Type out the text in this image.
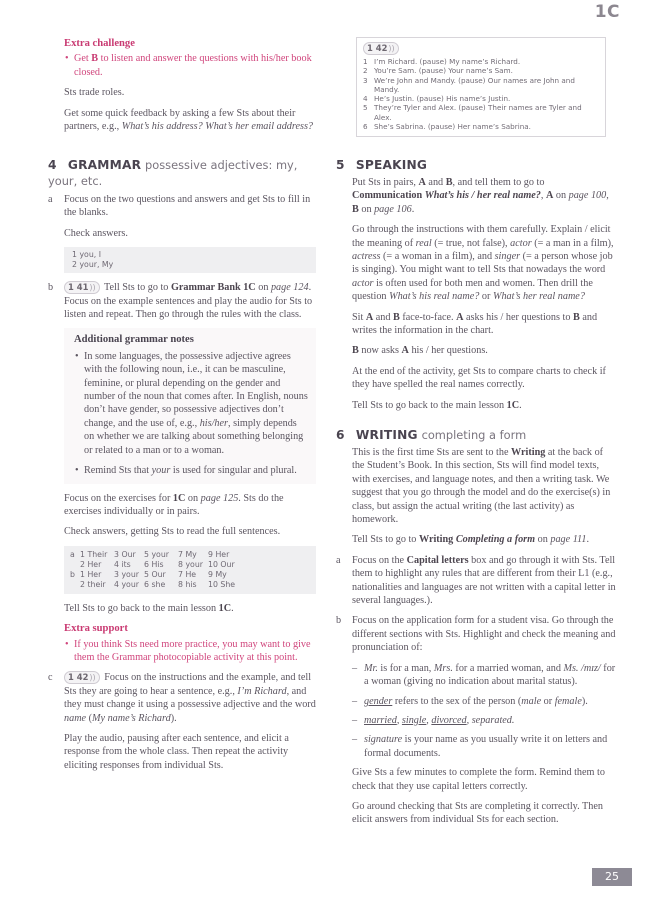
1C
Extra challenge

• Get B to listen and answer the questions with his/her book closed.

Sts trade roles.

Get some quick feedback by asking a few Sts about their partners, e.g., What’s his address? What’s her email address?

4 GRAMMAR possessive adjectives: my, your, etc.
a Focus on the two questions and answers and get Sts to fill in the blanks.

Check answers.

1 you, I
2 your, My
b	1 41)) Tell Sts to go to Grammar Bank 1C on page 124. Focus on the example sentences and play the audio for Sts to listen and repeat. Then go through the rules with the class.

Additional grammar notes

• In some languages, the possessive adjective agrees with the following noun, i.e., it can be masculine, feminine, or plural depending on the gender and number of the noun that comes after. In English, nouns don’t have gender, so possessive adjectives don’t change, and the use of, e.g., his/her, simply depends on whether we are talking about something belonging or related to a man or to a woman.

• Remind Sts that your is used for singular and plural.

Focus on the exercises for 1C on page 125. Sts do the exercises individually or in pairs.

Check answers, getting Sts to read the full sentences.

a 1 Their 3 Our	5 your	7 My	9 Her
2 Her	4 its	6 His	8 your 10 Our
b 1 Her	3 your 5 Our	7 He	9 My
2 their	4 your 6 she	8 his	10 She

Tell Sts to go back to the main lesson 1C.

Extra support

• If you think Sts need more practice, you may want to give them the Grammar photocopiable activity at this point.

c	1 42)) Focus on the instructions and the example, and tell Sts they are going to hear a sentence, e.g., I’m Richard, and they must change it using a possessive adjective and the word name (My name’s Richard).

Play the audio, pausing after each sentence, and elicit a response from the whole class. Then repeat the activity eliciting responses from individual Sts.

1 42))
1 I’m Richard. (pause) My name’s Richard.
2 You’re Sam. (pause) Your name’s Sam.
3 We’re John and Mandy. (pause) Our names are John and Mandy.
4 He’s Justin. (pause) His name’s Justin.
5 They’re Tyler and Alex. (pause) Their names are Tyler and Alex.
6 She’s Sabrina. (pause) Her name’s Sabrina.
5 SPEAKING

Put Sts in pairs, A and B, and tell them to go to Communication What’s his / her real name?, A on page 100, B on page 106.

Go through the instructions with them carefully. Explain / elicit the meaning of real (= true, not false), actor (= a man in a film), actress (= a woman in a film), and singer (= a person whose job is singing). You might want to tell Sts that nowadays the word actor is often used for both men and women. Then drill the question What’s his real name? or What’s her real name?

Sit A and B face-to-face. A asks his / her questions to B and writes the information in the chart.

B now asks A his / her questions.

At the end of the activity, get Sts to compare charts to check if they have spelled the real names correctly.

Tell Sts to go back to the main lesson 1C.

6 WRITING completing a form

This is the first time Sts are sent to the Writing at the back of the Student’s Book. In this section, Sts will find model texts, with exercises, and language notes, and then a writing task. We suggest that you go through the model and do the exercise(s) in class, but assign the actual writing (the last activity) as homework.

Tell Sts to go to Writing Completing a form on page 111.

a Focus on the Capital letters box and go through it with Sts. Tell them to highlight any rules that are different from their L1 (e.g., nationalities and languages are not written with a capital letter in several languages.).

b Focus on the application form for a student visa. Go through the different sections with Sts. Highlight and check the meaning and pronunciation of:

– Mr. is for a man, Mrs. for a married woman, and Ms. /mɪz/ for a woman (giving no indication about marital status).
– gender refers to the sex of the person (male or female).
– married, single, divorced, separated.
– signature is your name as you usually write it on letters and formal documents.

Give Sts a few minutes to complete the form. Remind them to check that they use capital letters correctly.

Go around checking that Sts are completing it correctly. Then elicit answers from individual Sts for each section.

25
